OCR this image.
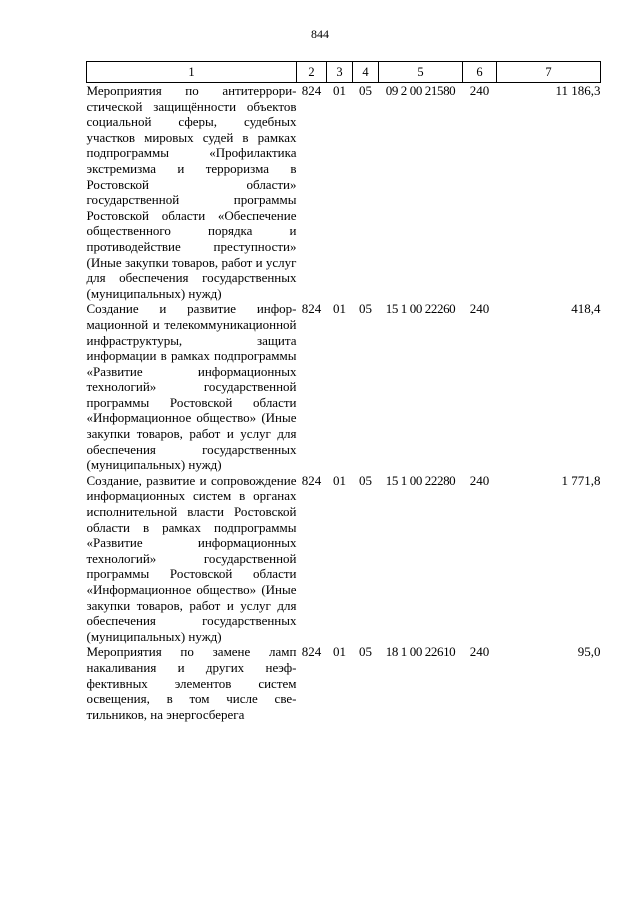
844
1	2	3	4	5	6	7
Мероприятия по антитеррористической защищённости объектов социальной сферы, судебных участков мировых судей в рамках подпрограммы «Профилактика экстремизма и терроризма в Ростовской области» государственной программы Ростовской области «Обеспечение общественного порядка и противодействие преступности» (Иные закупки товаров, работ и услуг для обеспечения государственных (муниципальных) нужд)	824	01	05	09 2 00 21580	240	11 186,3
Создание и развитие информационной и телекоммуникационной инфраструктуры, защита информации в рамках подпрограммы «Развитие информационных технологий» государственной программы Ростовской области «Информационное общество» (Иные закупки товаров, работ и услуг для обеспечения государственных (муниципальных) нужд)	824	01	05	15 1 00 22260	240	418,4
Создание, развитие и сопровождение информационных систем в органах исполнительной власти Ростовской области в рамках подпрограммы «Развитие информационных технологий» государственной программы Ростовской области «Информационное общество» (Иные закупки товаров, работ и услуг для обеспечения государственных (муниципальных) нужд)	824	01	05	15 1 00 22280	240	1 771,8
Мероприятия по замене ламп накаливания и других неэффективных элементов систем освещения, в том числе светильников, на энергосберега	824	01	05	18 1 00 22610	240	95,0
